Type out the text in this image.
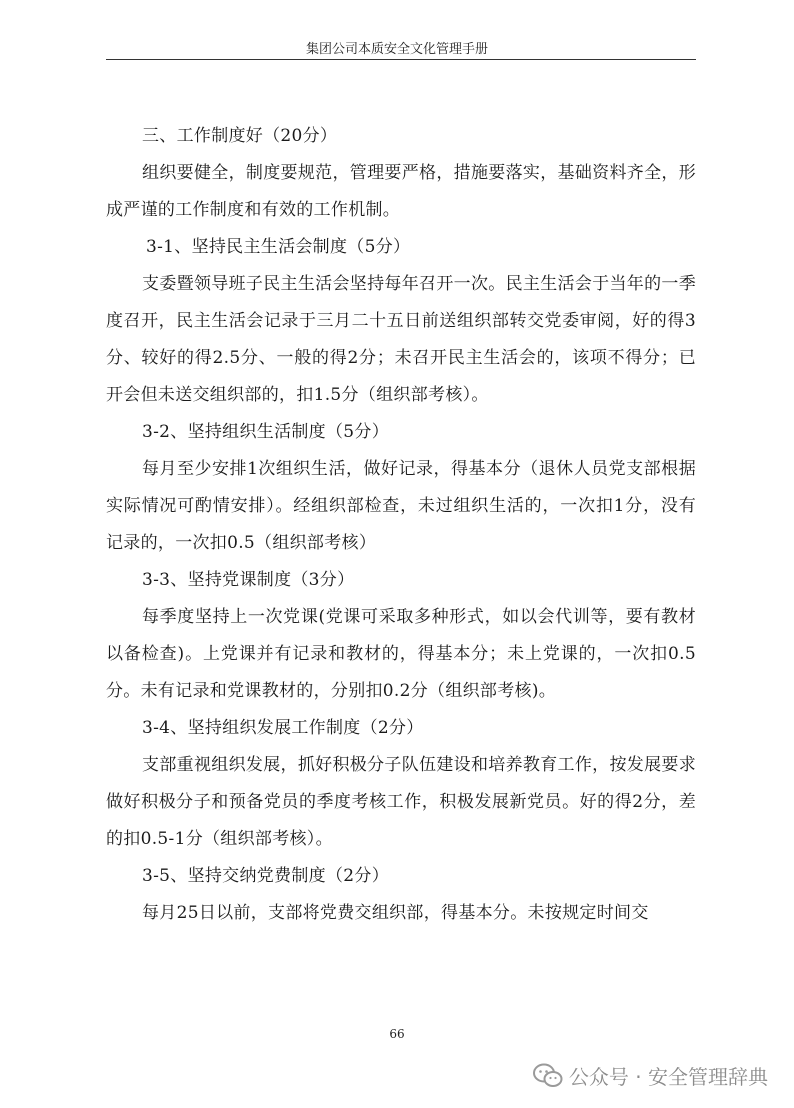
集团公司本质安全文化管理手册

三、工作制度好（20分）

组织要健全，制度要规范，管理要严格，措施要落实，基础资料齐全，形成严谨的工作制度和有效的工作机制。

3-1、坚持民主生活会制度（5分）

支委暨领导班子民主生活会坚持每年召开一次。民主生活会于当年的一季度召开，民主生活会记录于三月二十五日前送组织部转交党委审阅，好的得3分、较好的得2.5分、一般的得2分；未召开民主生活会的，该项不得分；已开会但未送交组织部的，扣1.5分（组织部考核）。

3-2、坚持组织生活制度（5分）

每月至少安排1次组织生活，做好记录，得基本分（退休人员党支部根据实际情况可酌情安排）。经组织部检查，未过组织生活的，一次扣1分，没有记录的，一次扣0.5（组织部考核）

3-3、坚持党课制度（3分）

每季度坚持上一次党课(党课可采取多种形式，如以会代训等，要有教材以备检查)。上党课并有记录和教材的，得基本分；未上党课的，一次扣0.5分。未有记录和党课教材的，分别扣0.2分（组织部考核)。

3-4、坚持组织发展工作制度（2分）

支部重视组织发展，抓好积极分子队伍建设和培养教育工作，按发展要求做好积极分子和预备党员的季度考核工作，积极发展新党员。好的得2分，差的扣0.5-1分（组织部考核）。

3-5、坚持交纳党费制度（2分）

每月25日以前，支部将党费交组织部，得基本分。未按规定时间交

66
公众号 · 安全管理辞典
